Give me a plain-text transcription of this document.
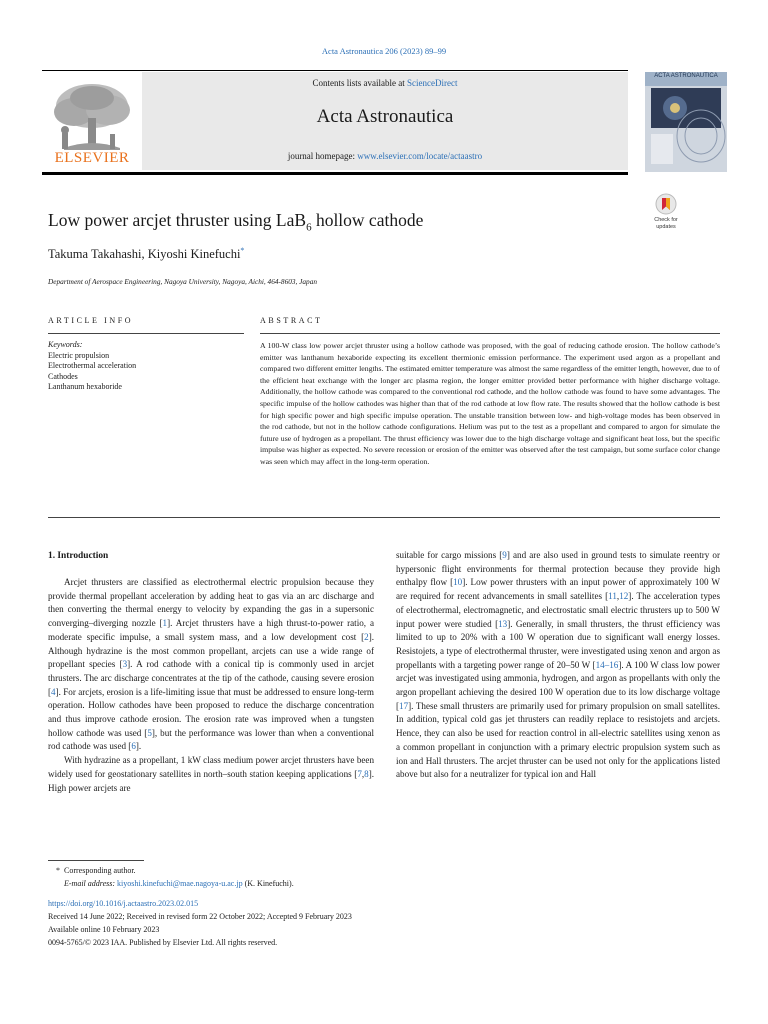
Acta Astronautica 206 (2023) 89–99
ELSEVIER
Contents lists available at ScienceDirect
Acta Astronautica
journal homepage: www.elsevier.com/locate/actaastro
ACTA ASTRONAUTICA
Check for
updates
Low power arcjet thruster using LaB$_6$ hollow cathode
Takuma Takahashi, Kiyoshi Kinefuchi*
Department of Aerospace Engineering, Nagoya University, Nagoya, Aichi, 464-8603, Japan
ARTICLE INFO
Keywords:
Electric propulsion
Electrothermal acceleration
Cathodes
Lanthanum hexaboride
ABSTRACT
A 100-W class low power arcjet thruster using a hollow cathode was proposed, with the goal of reducing cathode erosion. The hollow cathode’s emitter was lanthanum hexaboride expecting its excellent thermionic emission performance. The experiment used argon as a propellant and compared two different emitter lengths. The estimated emitter temperature was almost the same regardless of the emitter length, however, due to of the efficient heat exchange with the longer arc plasma region, the longer emitter provided better performance with higher discharge voltage. Additionally, the hollow cathode was compared to the conventional rod cathode, and the hollow cathode was found to have some advantages. The specific impulse of the hollow cathodes was higher than that of the rod cathode at low flow rate. The results showed that the hollow cathode is best for high specific power and high specific impulse operation. The unstable transition between low- and high-voltage modes has been observed in the rod cathode, but not in the hollow cathode configurations. Helium was put to the test as a propellant and compared to argon for simulate the future use of hydrogen as a propellant. The thrust efficiency was lower due to the high discharge voltage and significant heat loss, but the specific impulse was higher as expected. No severe recession or erosion of the emitter was observed after the test campaign, but some surface color change was seen which may affect in the long-term operation.
1. Introduction

Arcjet thrusters are classified as electrothermal electric propulsion because they provide thermal propellant acceleration by adding heat to gas via an arc discharge and then converting the thermal energy to velocity by expanding the gas in a supersonic converging–diverging nozzle [1]. Arcjet thrusters have a high thrust-to-power ratio, a moderate specific impulse, a small system mass, and a low development cost [2]. Although hydrazine is the most common propellant, arcjets can use a wide range of propellant species [3]. A rod cathode with a conical tip is commonly used in arcjet thrusters. The arc discharge concentrates at the tip of the cathode, causing severe erosion [4]. For arcjets, erosion is a life-limiting issue that must be addressed to ensure long-term operation. Hollow cathodes have been proposed to reduce the discharge concentration and thus improve cathode erosion. The erosion rate was improved when a tungsten hollow cathode was used [5], but the performance was lower than when a conventional rod cathode was used [6].

With hydrazine as a propellant, 1 kW class medium power arcjet thrusters have been widely used for geostationary satellites in north–south station keeping applications [7,8]. High power arcjets are

suitable for cargo missions [9] and are also used in ground tests to simulate reentry or hypersonic flight environments for thermal protection because they provide high enthalpy flow [10]. Low power thrusters with an input power of approximately 100 W are required for recent advancements in small satellites [11,12]. The acceleration types of electrothermal, electromagnetic, and electrostatic small electric thrusters up to 500 W input power were studied [13]. Generally, in small thrusters, the thrust efficiency was limited to up to 20% with a 100 W operation due to significant wall energy losses. Resistojets, a type of electrothermal thruster, were investigated using xenon and argon as propellants with a targeting power range of 20–50 W [14–16]. A 100 W class low power arcjet was investigated using ammonia, hydrogen, and argon as propellants with only the argon propellant achieving the desired 100 W operation due to its low discharge voltage [17]. These small thrusters are primarily used for primary propulsion on small satellites. In addition, typical cold gas jet thrusters can readily replace to resistojets and arcjets. Hence, they can also be used for reaction control in all-electric satellites using xenon as a common propellant in conjunction with a primary electric propulsion system such as ion and Hall thrusters. The arcjet thruster can be used not only for the applications listed above but also for a neutralizer for typical ion and Hall

* Corresponding author.
E-mail address: kiyoshi.kinefuchi@mae.nagoya-u.ac.jp (K. Kinefuchi).
https://doi.org/10.1016/j.actaastro.2023.02.015
Received 14 June 2022; Received in revised form 22 October 2022; Accepted 9 February 2023
Available online 10 February 2023
0094-5765/© 2023 IAA. Published by Elsevier Ltd. All rights reserved.
